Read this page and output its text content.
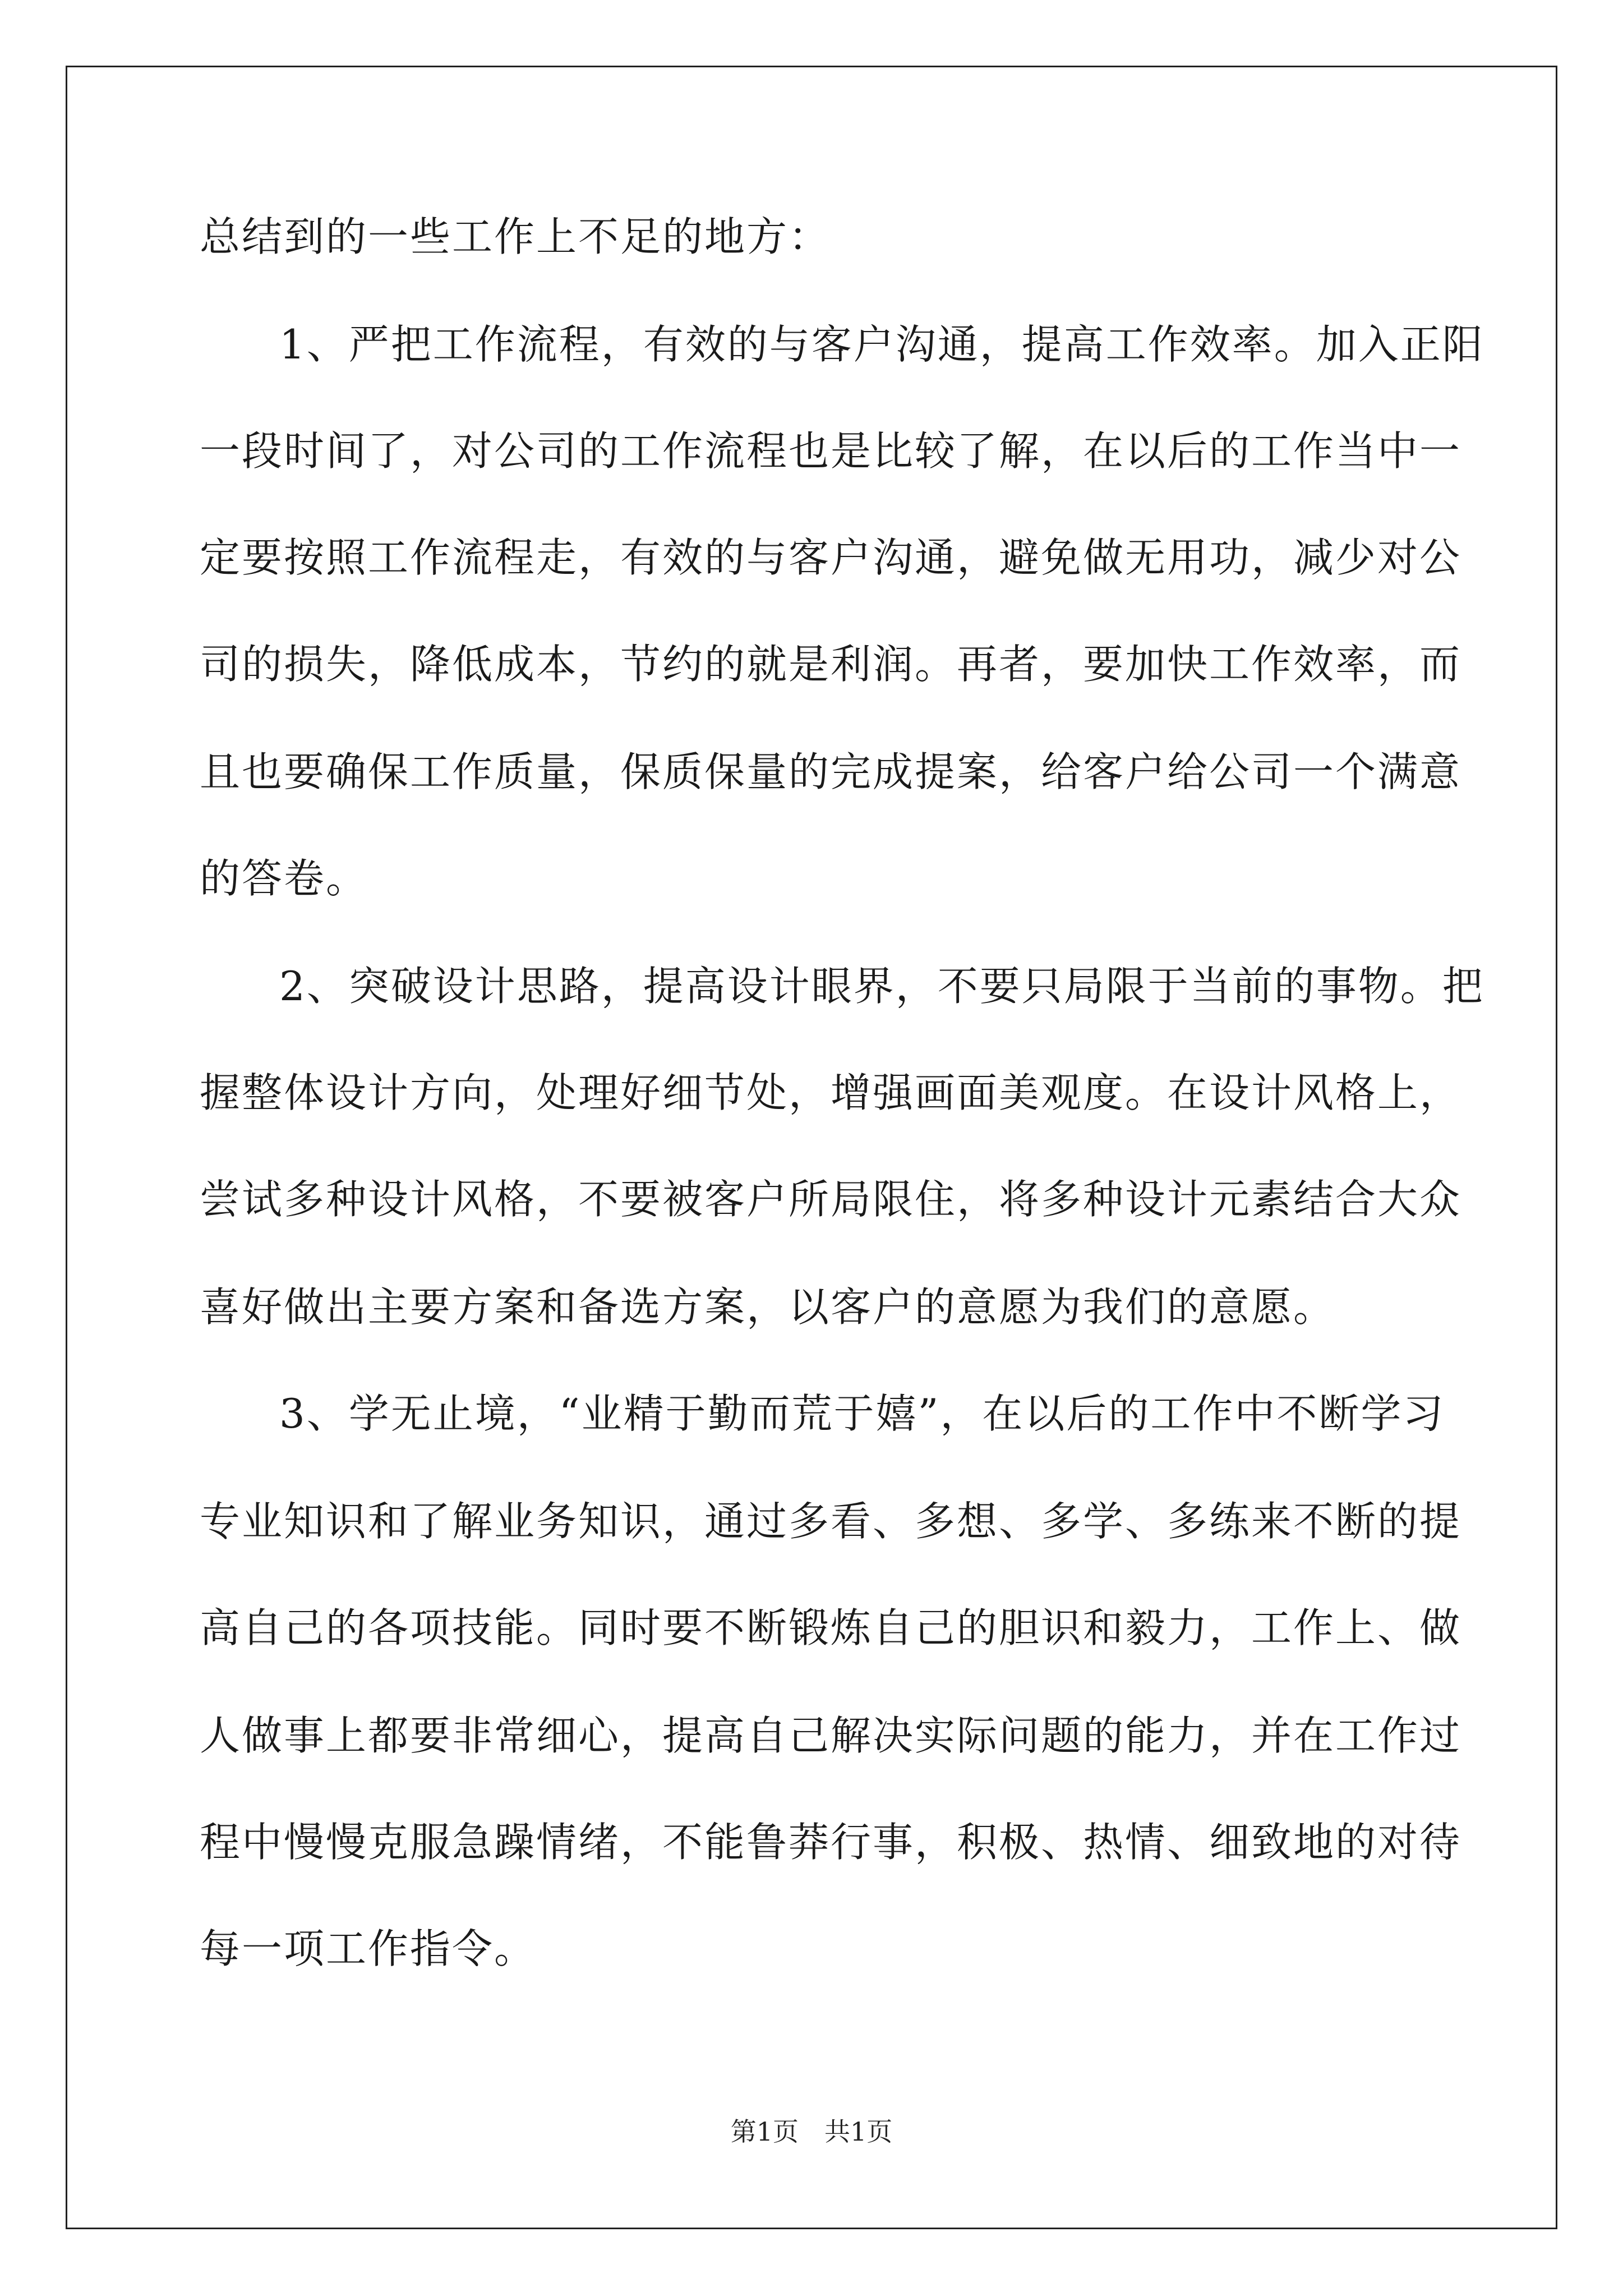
总结到的一些工作上不足的地方：
1、严把工作流程，有效的与客户沟通，提高工作效率。加入正阳
一段时间了，对公司的工作流程也是比较了解，在以后的工作当中一
定要按照工作流程走，有效的与客户沟通，避免做无用功，减少对公
司的损失，降低成本，节约的就是利润。再者，要加快工作效率，而
且也要确保工作质量，保质保量的完成提案，给客户给公司一个满意
的答卷。
2、突破设计思路，提高设计眼界，不要只局限于当前的事物。把
握整体设计方向，处理好细节处，增强画面美观度。在设计风格上，
尝试多种设计风格，不要被客户所局限住，将多种设计元素结合大众
喜好做出主要方案和备选方案，以客户的意愿为我们的意愿。
3、学无止境，“业精于勤而荒于嬉”，在以后的工作中不断学习
专业知识和了解业务知识，通过多看、多想、多学、多练来不断的提
高自己的各项技能。同时要不断锻炼自己的胆识和毅力，工作上、做
人做事上都要非常细心，提高自己解决实际问题的能力，并在工作过
程中慢慢克服急躁情绪，不能鲁莽行事，积极、热情、细致地的对待
每一项工作指令。
第1页　共1页
